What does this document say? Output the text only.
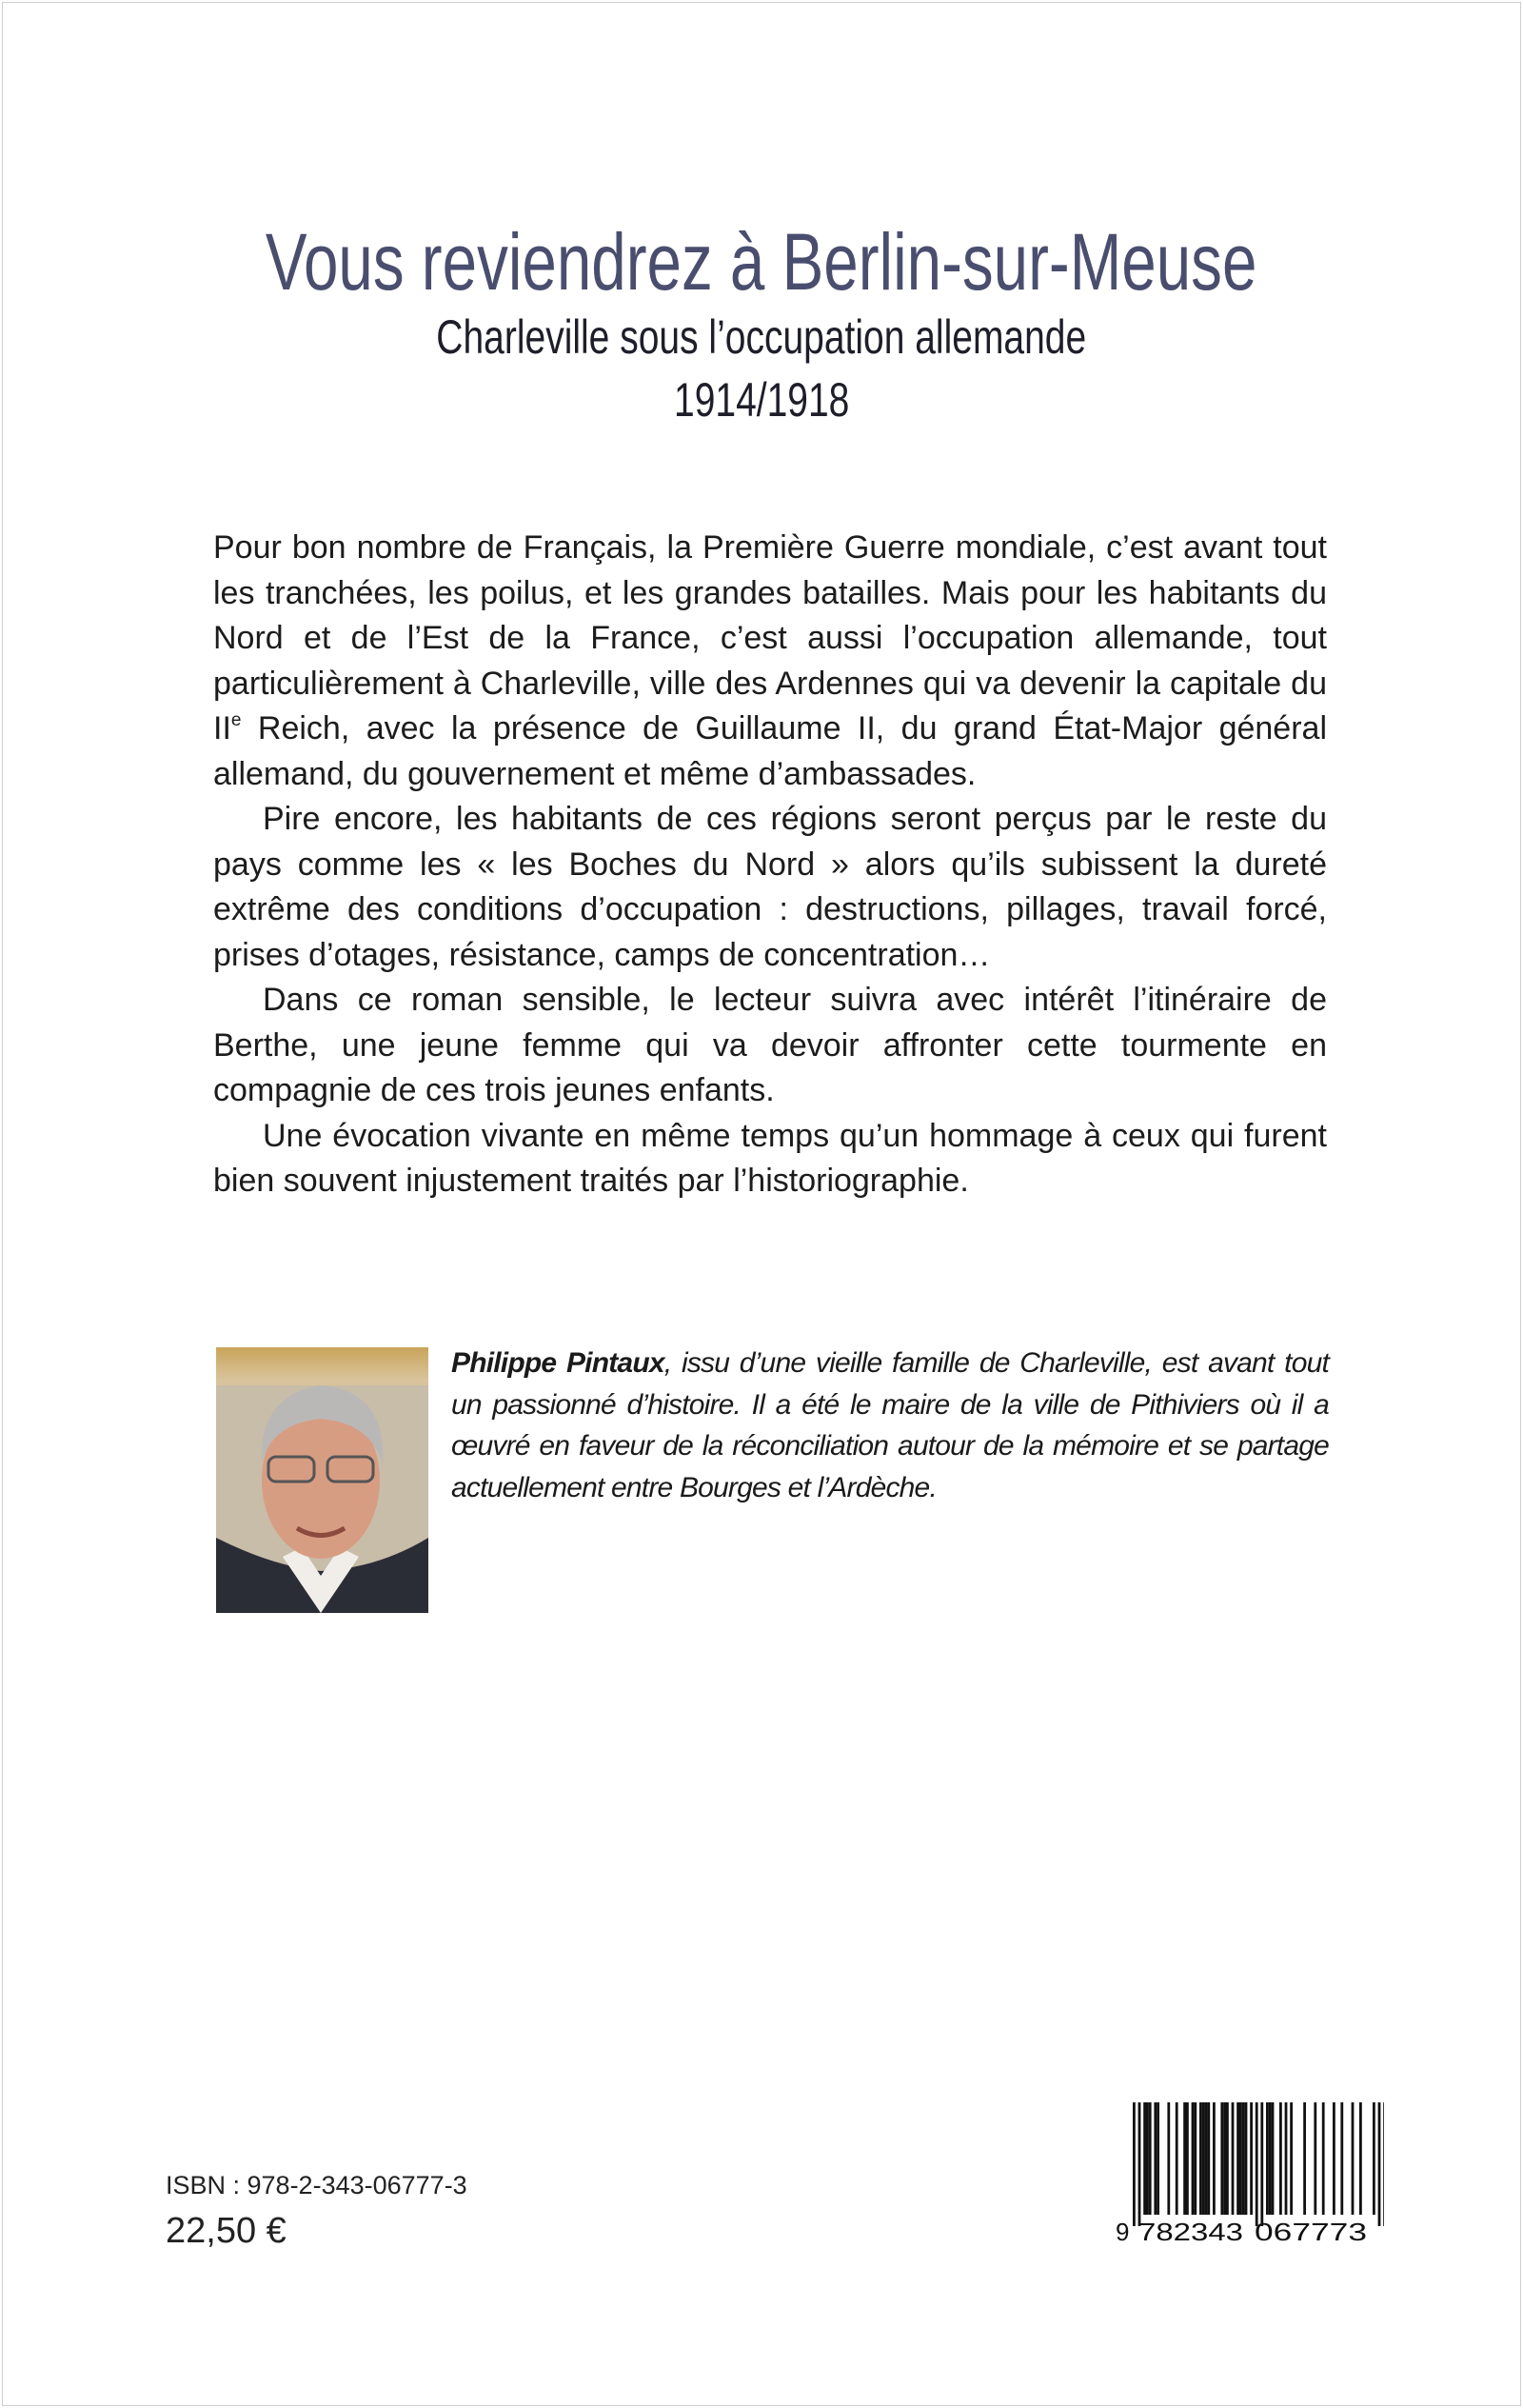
Vous reviendrez à Berlin-sur-Meuse
Charleville sous l’occupation allemande
1914/1918

Pour bon nombre de Français, la Première Guerre mondiale, c’est avant tout les tranchées, les poilus, et les grandes batailles. Mais pour les habitants du Nord et de l’Est de la France, c’est aussi l’occupation allemande, tout particulièrement à Charleville, ville des Ardennes qui va devenir la capitale du IIe Reich, avec la présence de Guillaume II, du grand État-Major général allemand, du gouvernement et même d’ambassades.

Pire encore, les habitants de ces régions seront perçus par le reste du pays comme les « les Boches du Nord » alors qu’ils subissent la dureté extrême des conditions d’occupation : destructions, pillages, travail forcé, prises d’otages, résistance, camps de concentration…

Dans ce roman sensible, le lecteur suivra avec intérêt l’itinéraire de Berthe, une jeune femme qui va devoir affronter cette tourmente en compagnie de ces trois jeunes enfants.

Une évocation vivante en même temps qu’un hommage à ceux qui furent bien souvent injustement traités par l’historiographie.

Philippe Pintaux, issu d’une vieille famille de Charleville, est avant tout un passionné d’histoire. Il a été le maire de la ville de Pithiviers où il a œuvré en faveur de la réconciliation autour de la mémoire et se partage actuellement entre Bourges et l’Ardèche.
ISBN : 978-2-343-06777-3
22,50 €	9 782343 067773
